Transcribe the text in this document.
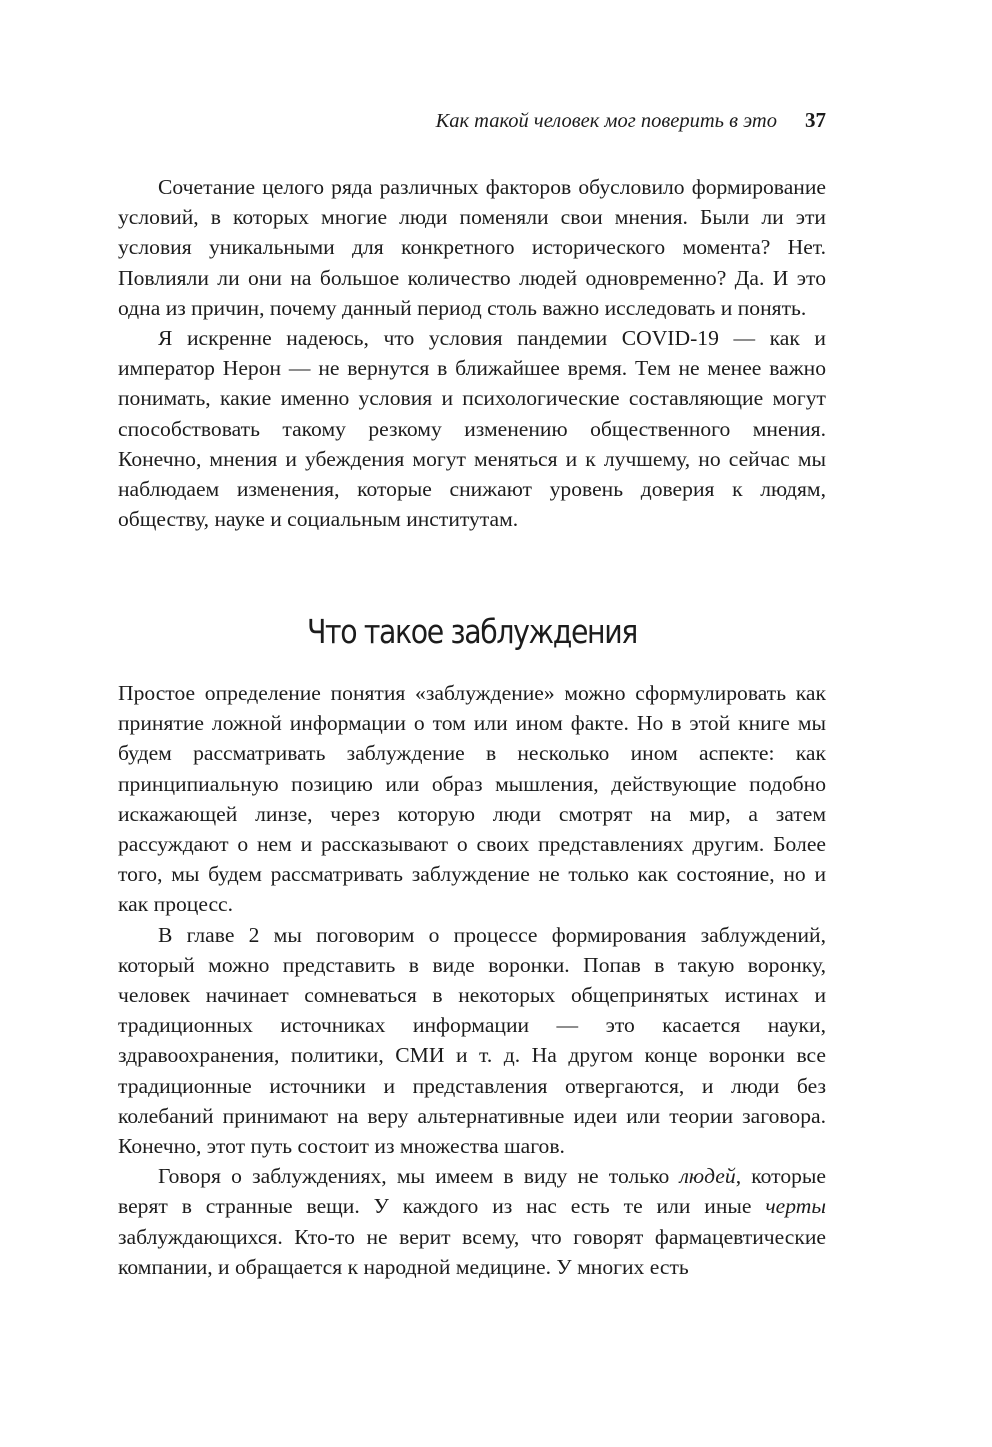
Как такой человек мог поверить в это 37

Сочетание целого ряда различных факторов обусловило формирование условий, в которых многие люди поменяли свои мнения. Были ли эти условия уникальными для конкретного исторического момента? Нет. Повлияли ли они на большое количество людей одновременно? Да. И это одна из причин, почему данный период столь важно исследовать и понять.

Я искренне надеюсь, что условия пандемии COVID-19 — как и император Нерон — не вернутся в ближайшее время. Тем не менее важно понимать, какие именно условия и психологические составляющие могут способствовать такому резкому изменению общественного мнения. Конечно, мнения и убеждения могут меняться и к лучшему, но сейчас мы наблюдаем изменения, которые снижают уровень доверия к людям, обществу, науке и социальным институтам.

Что такое заблуждения

Простое определение понятия «заблуждение» можно сформулировать как принятие ложной информации о том или ином факте. Но в этой книге мы будем рассматривать заблуждение в несколько ином аспекте: как принципиальную позицию или образ мышления, действующие подобно искажающей линзе, через которую люди смотрят на мир, а затем рассуждают о нем и рассказывают о своих представлениях другим. Более того, мы будем рассматривать заблуждение не только как состояние, но и как процесс.

В главе 2 мы поговорим о процессе формирования заблуждений, который можно представить в виде воронки. Попав в такую воронку, человек начинает сомневаться в некоторых общепринятых истинах и традиционных источниках информации — это касается науки, здравоохранения, политики, СМИ и т. д. На другом конце воронки все традиционные источники и представления отвергаются, и люди без колебаний принимают на веру альтернативные идеи или теории заговора. Конечно, этот путь состоит из множества шагов.

Говоря о заблуждениях, мы имеем в виду не только людей, которые верят в странные вещи. У каждого из нас есть те или иные черты заблуждающихся. Кто-то не верит всему, что говорят фармацевтические компании, и обращается к народной медицине. У многих есть
